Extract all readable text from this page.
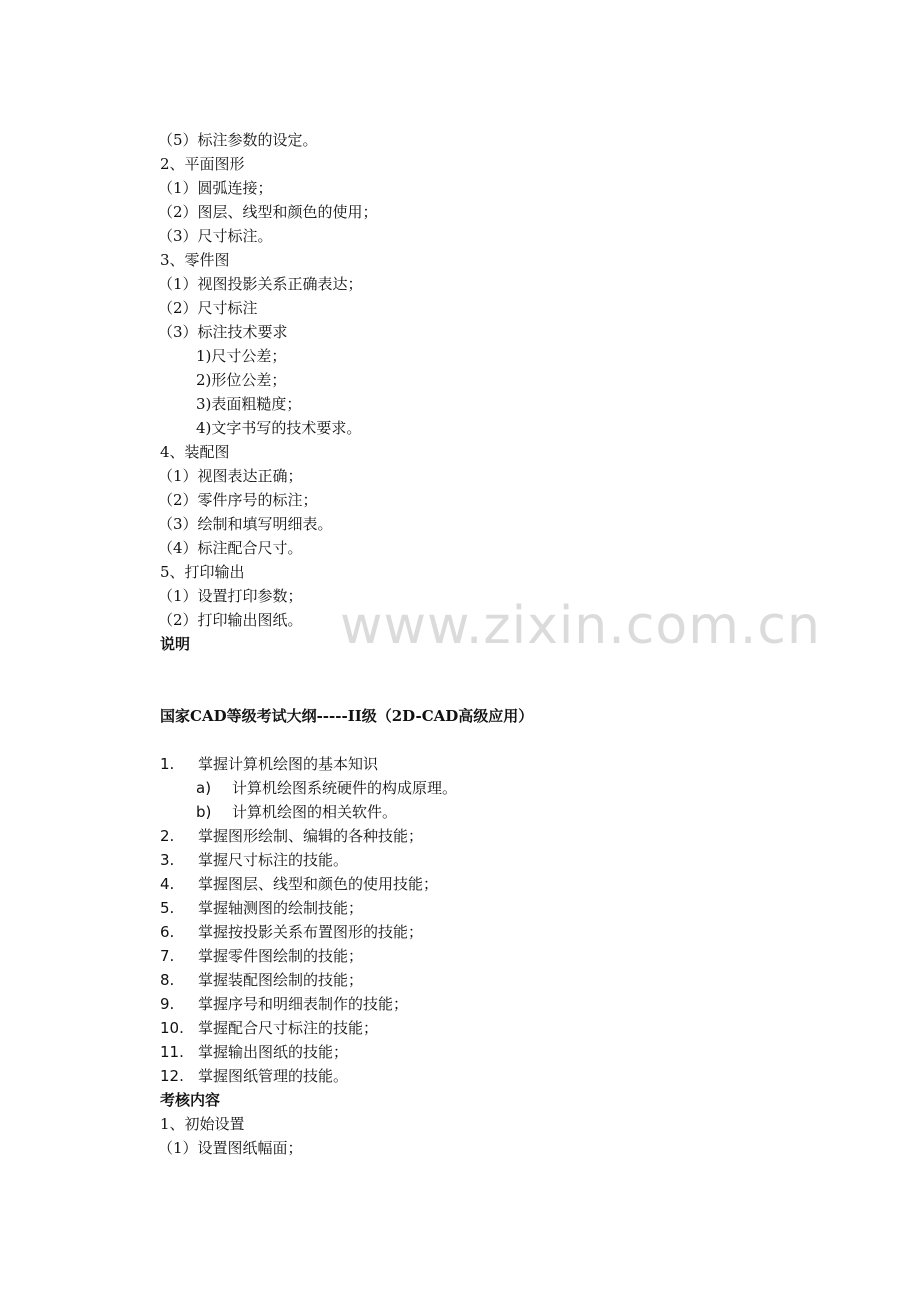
（5）标注参数的设定。
2、平面图形
（1）圆弧连接；
（2）图层、线型和颜色的使用；
（3）尺寸标注。
3、零件图
（1）视图投影关系正确表达；
（2）尺寸标注
（3）标注技术要求
1)尺寸公差；
2)形位公差；
3)表面粗糙度；
4)文字书写的技术要求。
4、装配图
（1）视图表达正确；
（2）零件序号的标注；
（3）绘制和填写明细表。
（4）标注配合尺寸。
5、打印输出
（1）设置打印参数；
（2）打印输出图纸。
说明	www.zixin.com.cn
国家CAD等级考试大纲-----II级（2D-CAD高级应用）
1. 掌握计算机绘图的基本知识
a) 计算机绘图系统硬件的构成原理。
b) 计算机绘图的相关软件。
2. 掌握图形绘制、编辑的各种技能；
3. 掌握尺寸标注的技能。
4. 掌握图层、线型和颜色的使用技能；
5. 掌握轴测图的绘制技能；
6. 掌握按投影关系布置图形的技能；
7. 掌握零件图绘制的技能；
8. 掌握装配图绘制的技能；
9. 掌握序号和明细表制作的技能；
10. 掌握配合尺寸标注的技能；
11. 掌握输出图纸的技能；
12. 掌握图纸管理的技能。
考核内容
1、初始设置
（1）设置图纸幅面；
